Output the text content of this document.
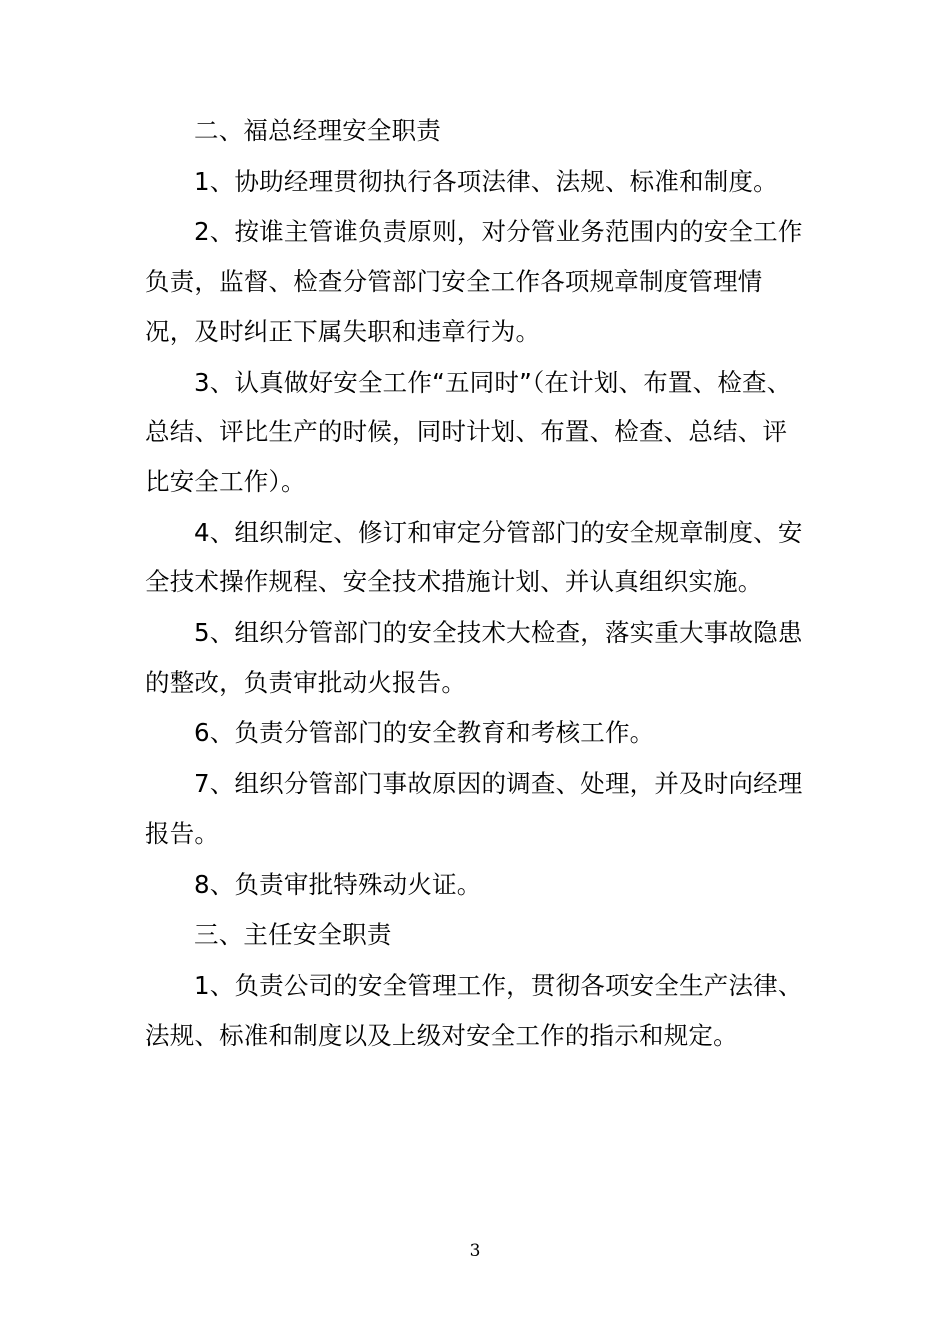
二、福总经理安全职责

1、协助经理贯彻执行各项法律、法规、标准和制度。

2、按谁主管谁负责原则，对分管业务范围内的安全工作负责，监督、检查分管部门安全工作各项规章制度管理情况，及时纠正下属失职和违章行为。

3、认真做好安全工作“五同时”（在计划、布置、检查、总结、评比生产的时候，同时计划、布置、检查、总结、评比安全工作）。

4、组织制定、修订和审定分管部门的安全规章制度、安全技术操作规程、安全技术措施计划、并认真组织实施。

5、组织分管部门的安全技术大检查，落实重大事故隐患的整改，负责审批动火报告。

6、负责分管部门的安全教育和考核工作。

7、组织分管部门事故原因的调查、处理，并及时向经理报告。

8、负责审批特殊动火证。

三、主任安全职责

1、负责公司的安全管理工作，贯彻各项安全生产法律、法规、标准和制度以及上级对安全工作的指示和规定。

3
